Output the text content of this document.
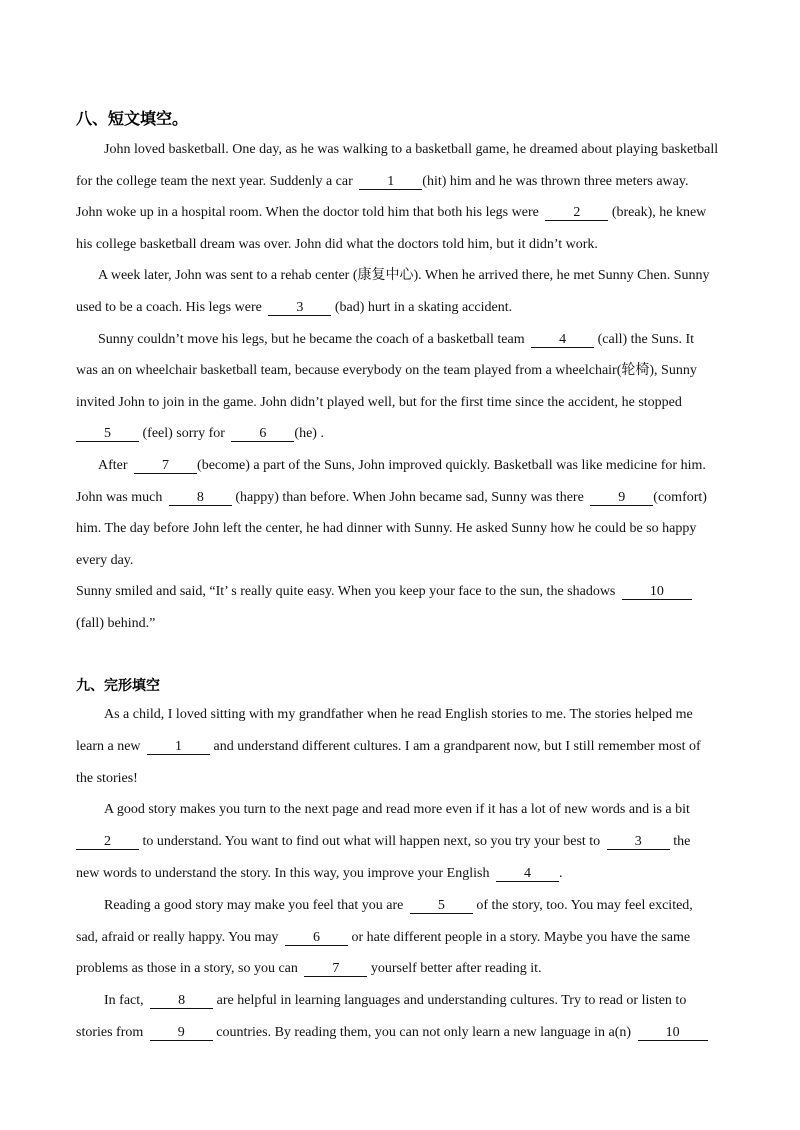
八、短文填空。
John loved basketball. One day, as he was walking to a basketball game, he dreamed about playing basketball
for the college team the next year. Suddenly a car 1 (hit) him and he was thrown three meters away.
John woke up in a hospital room. When the doctor told him that both his legs were 2 (break), he knew
his college basketball dream was over. John did what the doctors told him, but it didn’t work.
A week later, John was sent to a rehab center (康复中心). When he arrived there, he met Sunny Chen. Sunny
used to be a coach. His legs were 3 (bad) hurt in a skating accident.
Sunny couldn’t move his legs, but he became the coach of a basketball team 4 (call) the Suns. It
was an on wheelchair basketball team, because everybody on the team played from a wheelchair(轮椅), Sunny
invited John to join in the game. John didn’t played well, but for the first time since the accident, he stopped
5 (feel) sorry for 6 (he) .
After 7 (become) a part of the Suns, John improved quickly. Basketball was like medicine for him.
John was much 8 (happy) than before. When John became sad, Sunny was there 9 (comfort)
him. The day before John left the center, he had dinner with Sunny. He asked Sunny how he could be so happy
every day.
Sunny smiled and said, “It’ s really quite easy. When you keep your face to the sun, the shadows 10
(fall) behind.”
九、完形填空
As a child, I loved sitting with my grandfather when he read English stories to me. The stories helped me
learn a new 1 and understand different cultures. I am a grandparent now, but I still remember most of
the stories!
A good story makes you turn to the next page and read more even if it has a lot of new words and is a bit
2 to understand. You want to find out what will happen next, so you try your best to 3 the
new words to understand the story. In this way, you improve your English 4 .
Reading a good story may make you feel that you are 5 of the story, too. You may feel excited,
sad, afraid or really happy. You may 6 or hate different people in a story. Maybe you have the same
problems as those in a story, so you can 7 yourself better after reading it.
In fact, 8 are helpful in learning languages and understanding cultures. Try to read or listen to
stories from 9 countries. By reading them, you can not only learn a new language in a(n) 10
